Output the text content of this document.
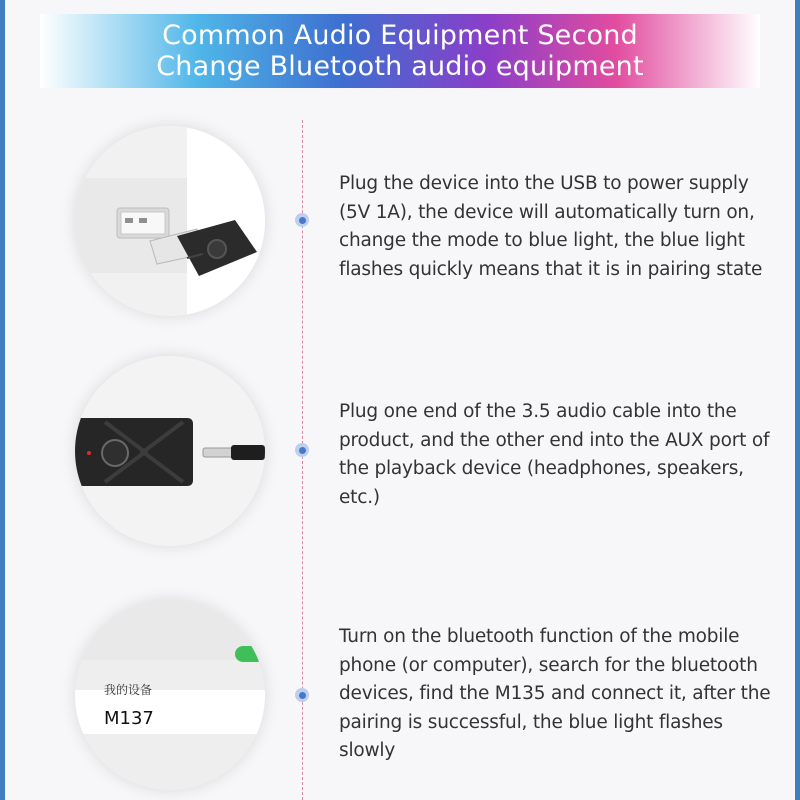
Common Audio Equipment Second
Change Bluetooth audio equipment
Plug the device into the USB to power supply (5V 1A), the device will automatically turn on, change the mode to blue light, the blue light flashes quickly means that it is in pairing state
Plug one end of the 3.5 audio cable into the product, and the other end into the AUX port of the playback device (headphones, speakers, etc.)
我的设备
M137
Turn on the bluetooth function of the mobile phone (or computer), search for the bluetooth devices, find the M135 and connect it, after the pairing is successful, the blue light flashes slowly
